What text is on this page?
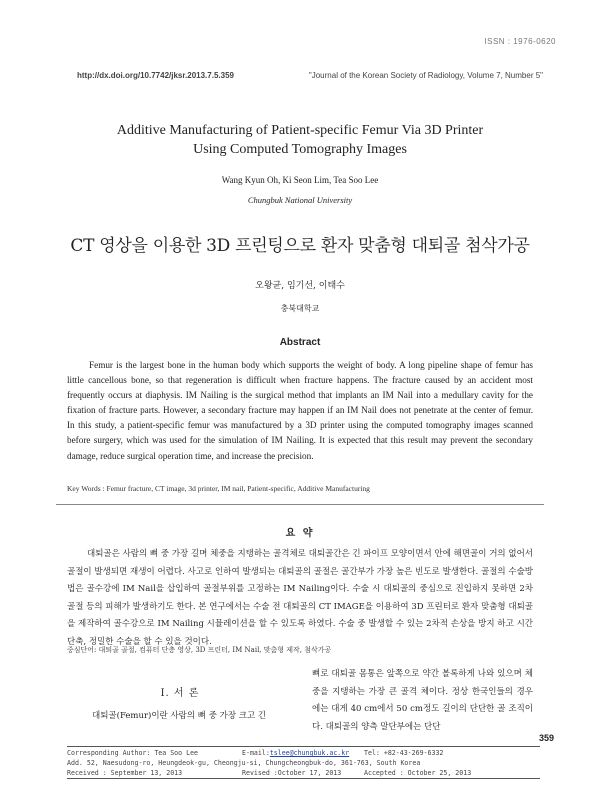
ISSN : 1976-0620
http://dx.doi.org/10.7742/jksr.2013.7.5.359	"Journal of the Korean Society of Radiology, Volume 7, Number 5"
Additive Manufacturing of Patient-specific Femur Via 3D Printer
Using Computed Tomography Images
Wang Kyun Oh, Ki Seon Lim, Tea Soo Lee
Chungbuk National University
CT 영상을 이용한 3D 프린팅으로 환자 맞춤형 대퇴골 첨삭가공
오왕균, 임기선, 이태수
충북대학교
Abstract

Femur is the largest bone in the human body which supports the weight of body. A long pipeline shape of femur has little cancellous bone, so that regeneration is difficult when fracture happens. The fracture caused by an accident most frequently occurs at diaphysis. IM Nailing is the surgical method that implants an IM Nail into a medullary cavity for the fixation of fracture parts. However, a secondary fracture may happen if an IM Nail does not penetrate at the center of femur. In this study, a patient-specific femur was manufactured by a 3D printer using the computed tomography images scanned before surgery, which was used for the simulation of IM Nailing. It is expected that this result may prevent the secondary damage, reduce surgical operation time, and increase the precision.

Key Words : Femur fracture, CT image, 3d printer, IM nail, Patient-specific, Additive Manufacturing
요 약

대퇴골은 사람의 뼈 중 가장 길며 체중을 지탱하는 골격체로 대퇴골간은 긴 파이프 모양이면서 안에 해면골이 거의 없어서 골절이 발생되면 재생이 어렵다. 사고로 인하여 발생되는 대퇴골의 골절은 골간부가 가장 높은 빈도로 발생한다. 골절의 수술방법은 골수강에 IM Nail을 삽입하여 골절부위를 고정하는 IM Nailing이다. 수술 시 대퇴골의 중심으로 진입하지 못하면 2차 골절 등의 피해가 발생하기도 한다. 본 연구에서는 수술 전 대퇴골의 CT IMAGE을 이용하여 3D 프린터로 환자 맞춤형 대퇴골을 제작하여 골수강으로 IM Nailing 시뮬레이션을 할 수 있도록 하였다. 수술 중 발생할 수 있는 2차적 손상을 방지 하고 시간 단축, 정밀한 수술을 할 수 있을 것이다.

중심단어: 대퇴골 골절, 컴퓨터 단층 영상, 3D 프린터, IM Nail, 맞춤형 제작, 첨삭가공
Ⅰ. 서 론

대퇴골(Femur)이란 사람의 뼈 중 가장 크고 긴

뼈로 대퇴골 몸통은 앞쪽으로 약간 볼록하게 나와 있으며 체중을 지탱하는 가장 큰 골격 체이다. 정상 한국인들의 경우에는 대게 40 cm에서 50 cm정도 길이의 단단한 골 조직이다. 대퇴골의 양측 말단부에는 단단

359
Corresponding Author: Tea Soo Lee	E-mail:tslee@chungbuk.ac.kr	Tel: +82-43-269-6332
Add. 52, Naesudong-ro, Heungdeok-gu, Cheongju-si, Chungcheongbuk-do, 361-763, South Korea
Received : September 13, 2013	Revised :October 17, 2013	Accepted : October 25, 2013
